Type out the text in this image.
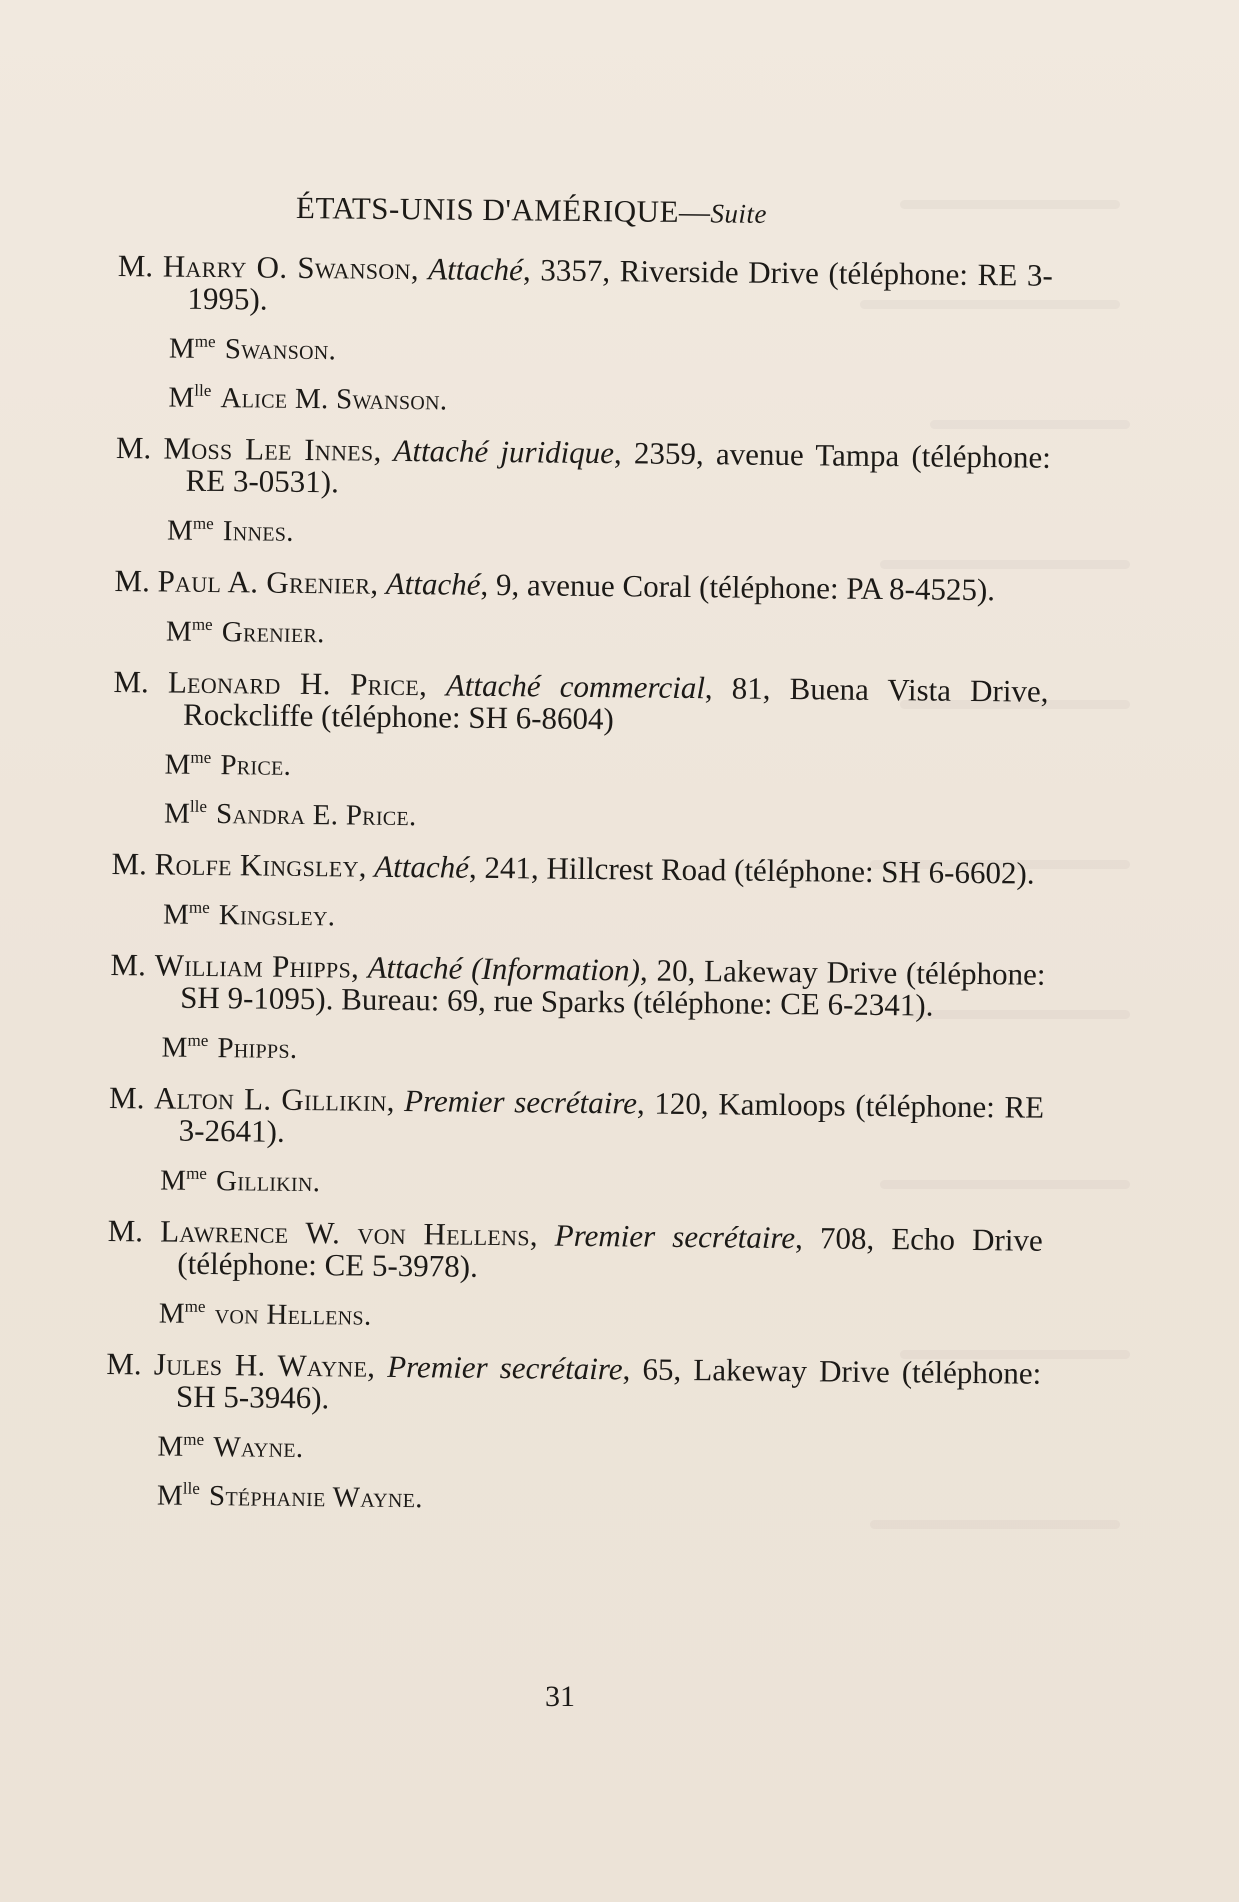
ÉTATS-UNIS D'AMÉRIQUE—Suite
M. Harry O. Swanson, Attaché, 3357, Riverside Drive (téléphone: RE 3-1995).
$M^{me}$ Swanson.
$M^{lle}$ Alice M. Swanson.
M. Moss Lee Innes, Attaché juridique, 2359, avenue Tampa (téléphone: RE 3-0531).
$M^{me}$ Innes.
M. Paul A. Grenier, Attaché, 9, avenue Coral (téléphone: PA 8-4525).
$M^{me}$ Grenier.
M. Leonard H. Price, Attaché commercial, 81, Buena Vista Drive, Rockcliffe (téléphone: SH 6-8604)
$M^{me}$ Price.
$M^{lle}$ Sandra E. Price.
M. Rolfe Kingsley, Attaché, 241, Hillcrest Road (téléphone: SH 6-6602).
$M^{me}$ Kingsley.
M. William Phipps, Attaché (Information), 20, Lakeway Drive (téléphone: SH 9-1095). Bureau: 69, rue Sparks (téléphone: CE 6-2341).
$M^{me}$ Phipps.
M. Alton L. Gillikin, Premier secrétaire, 120, Kamloops (téléphone: RE 3-2641).
$M^{me}$ Gillikin.
M. Lawrence W. von Hellens, Premier secrétaire, 708, Echo Drive (téléphone: CE 5-3978).
$M^{me}$ von Hellens.
M. Jules H. Wayne, Premier secrétaire, 65, Lakeway Drive (téléphone: SH 5-3946).
$M^{me}$ Wayne.
$M^{lle}$ Stéphanie Wayne.
31
